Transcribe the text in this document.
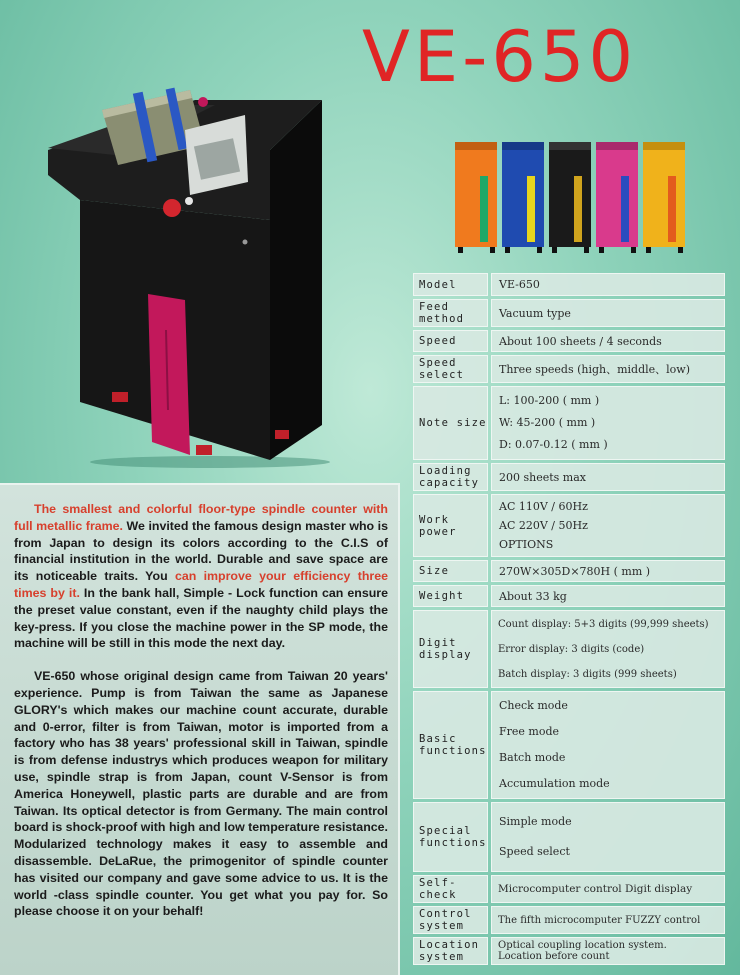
VE-650

The smallest and colorful floor-type spindle counter with full metallic frame. We invited the famous design master who is from Japan to design its colors according to the C.I.S of financial institution in the world. Durable and save space are its noticeable traits. You can improve your efficiency three times by it. In the bank hall, Simple - Lock function can ensure the preset value constant, even if the naughty child plays the key-press. If you close the machine power in the SP mode, the machine will be still in this mode the next day.

VE-650 whose original design came from Taiwan 20 years' experience. Pump is from Taiwan the same as Japanese GLORY's which makes our machine count accurate, durable and 0-error, filter is from Taiwan, motor is imported from a factory who has 38 years' professional skill in Taiwan, spindle is from defense industrys which produces weapon for military use, spindle strap is from Japan, count V-Sensor is from America Honeywell, plastic parts are durable and are from Taiwan. Its optical detector is from Germany. The main control board is shock-proof with high and low temperature resistance. Modularized technology makes it easy to assemble and disassemble. DeLaRue, the primogenitor of spindle counter has visited our company and gave some advice to us. It is the world -class spindle counter. You get what you pay for. So please choose it on your behalf!

Model	VE-650

Feed
method	Vacuum type
Speed	About 100 sheets / 4 seconds

Speed
select	Three speeds (high、middle、low)
Note size	L: 100-200 ( mm )
W: 45-200 ( mm )
D: 0.07-0.12 ( mm )

Loading
capacity	200 sheets max

Work
power	AC 110V / 60Hz
AC 220V / 50Hz
OPTIONS

Size	270W×305D×780H ( mm )
Weight	About 33 kg

Digit
display	Count display: 5+3 digits (99,999 sheets)
Error display: 3 digits (code)
Batch display: 3 digits (999 sheets)

Basic
functions	Check mode
Free mode
Batch mode
Accumulation mode

Special
functions	Simple mode
Speed select

Self-check	Microcomputer control Digit display

Control
system	The fifth microcomputer FUZZY control

Location
system	Optical coupling location system.
Location before count
